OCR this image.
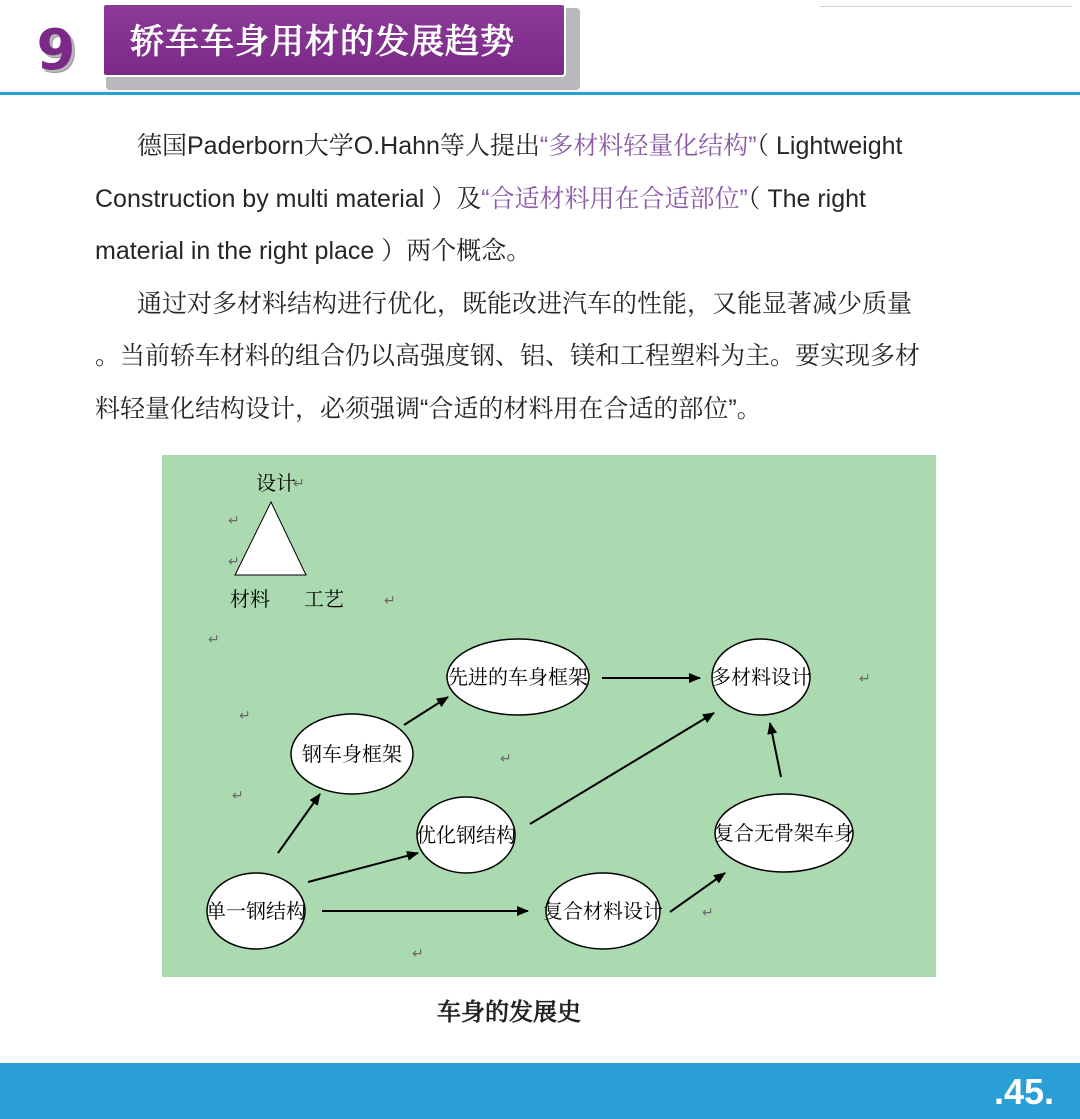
9	轿车车身用材的发展趋势

德国Paderborn大学O.Hahn等人提出“多材料轻量化结构”（ Lightweight Construction by multi material ）及“合适材料用在合适部位”（ The right material in the right place ）两个概念。

通过对多材料结构进行优化，既能改进汽车的性能，又能显著减少质量 。当前轿车材料的组合仍以高强度钢、铝、镁和工程塑料为主。要实现多材料轻量化结构设计，必须强调“合适的材料用在合适的部位”。

设计
材料 工艺
↵
↵
↵
↵
↵
↵
↵
↵
↵
↵
↵
先进的车身框架	多材料设计
钢车身框架
优化钢结构	复合无骨架车身
单一钢结构	复合材料设计
车身的发展史
.45.
